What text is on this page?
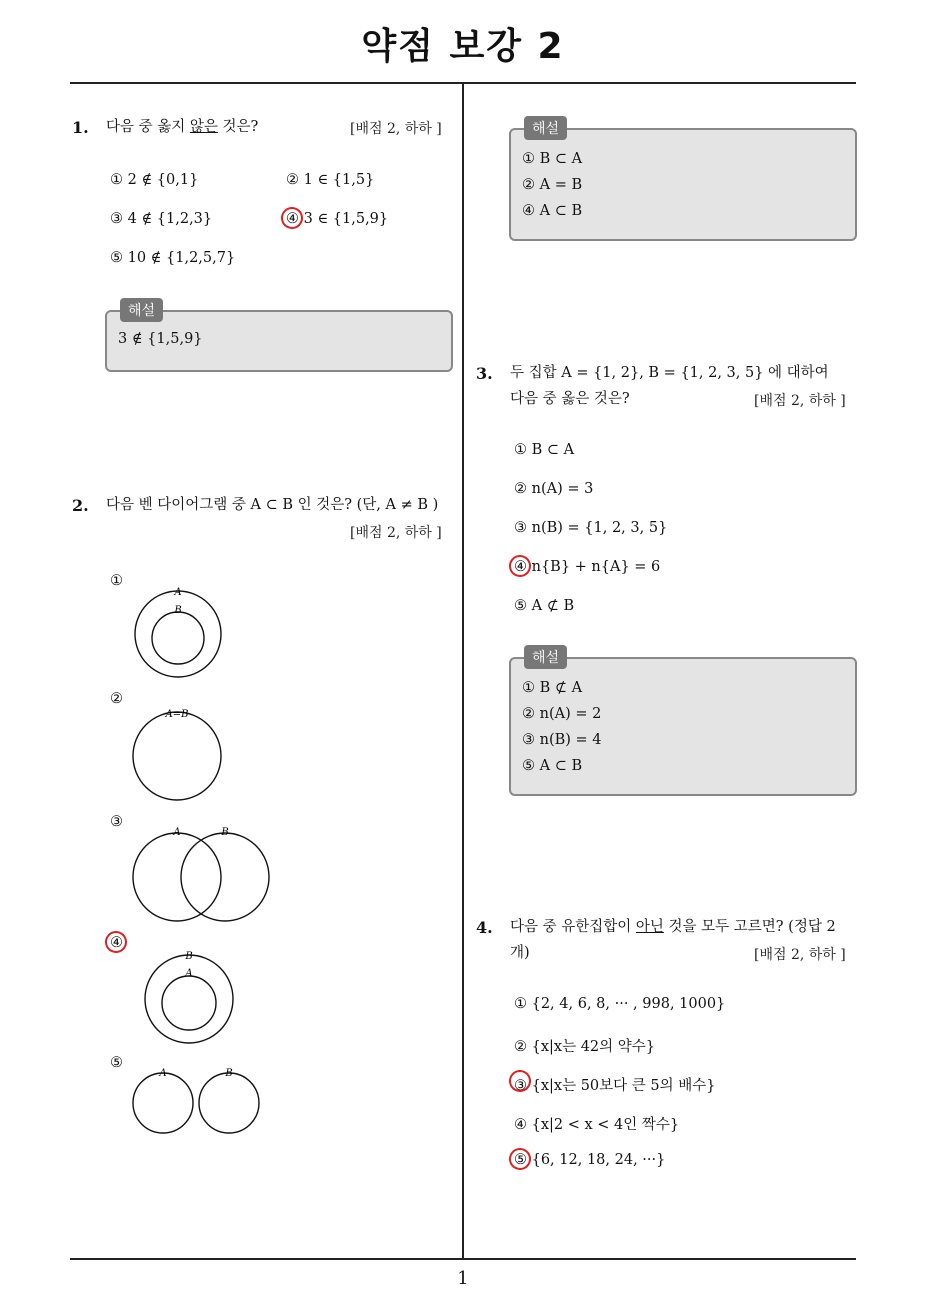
약점 보강 2
1. 다음 중 옳지 않은 것은?	[배점 2, 하하 ]
① 2 ∉ {0,1}	② 1 ∈ {1,5}
③ 4 ∉ {1,2,3}	④ 3 ∈ {1,5,9}
⑤ 10 ∉ {1,2,5,7}
해설
3 ∉ {1,5,9}
2. 다음 벤 다이어그램 중 A ⊂ B 인 것은? (단, A ≠ B )
[배점 2, 하하 ]
①
A
B
②
A=B
③
A	B
④
B
A
⑤
A	B
해설
① B ⊂ A
② A = B
④ A ⊂ B
3. 두 집합 A = {1, 2}, B = {1, 2, 3, 5} 에 대하여
다음 중 옳은 것은?	[배점 2, 하하 ]
① B ⊂ A
② n(A) = 3
③ n(B) = {1, 2, 3, 5}
④ n{B} + n{A} = 6
⑤ A ⊄ B
해설
① B ⊄ A
② n(A) = 2
③ n(B) = 4
⑤ A ⊂ B
4. 다음 중 유한집합이 아닌 것을 모두 고르면? (정답 2
개)	[배점 2, 하하 ]
① {2, 4, 6, 8, ··· , 998, 1000}
② {x|x는 42의 약수}
③ {x|x는 50보다 큰 5의 배수}
④ {x|2 < x < 4인 짝수}
⑤ {6, 12, 18, 24, ···}
1
